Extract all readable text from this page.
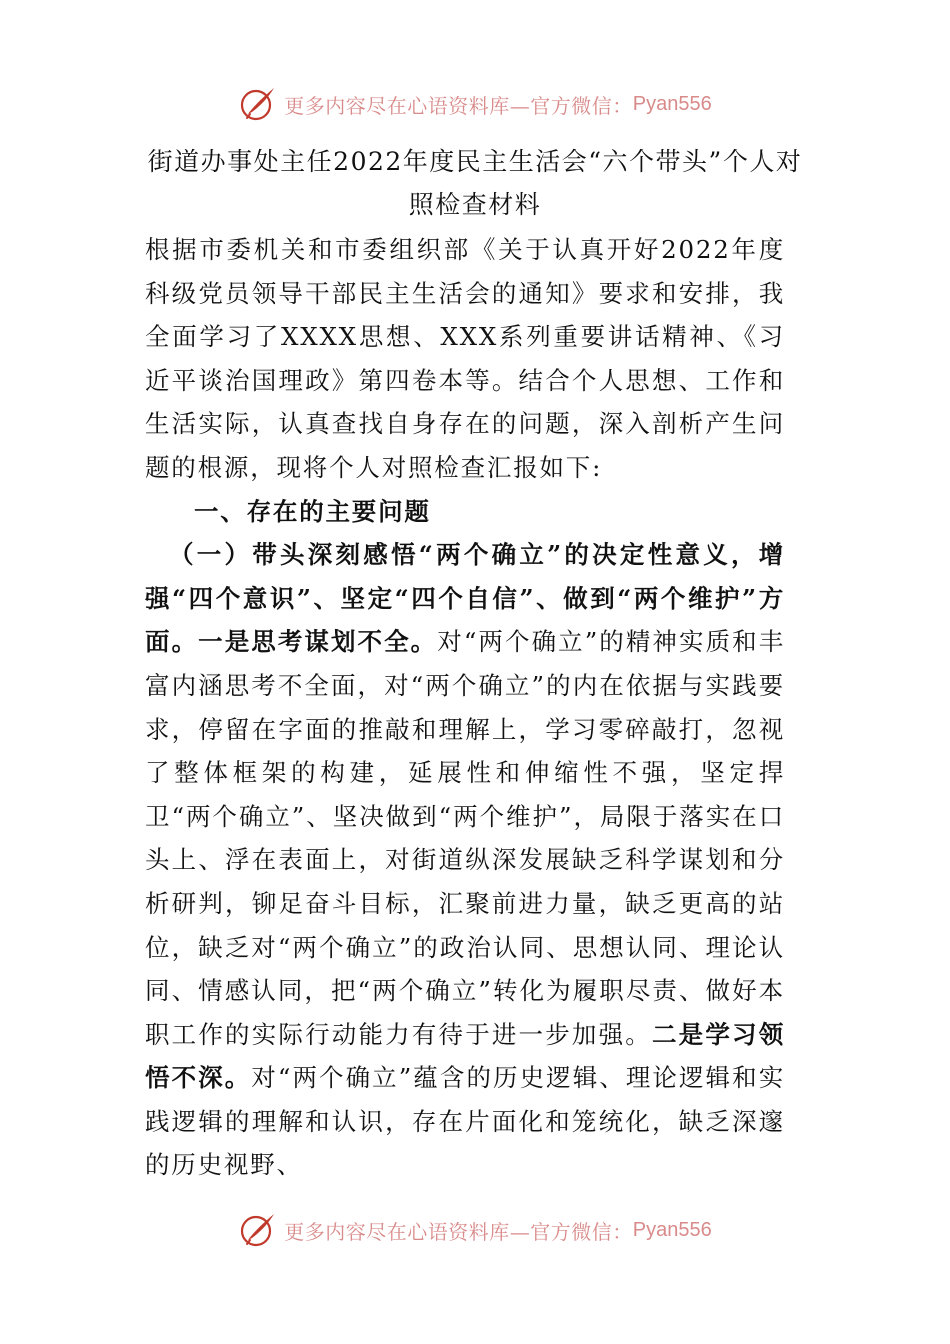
更多内容尽在心语资料库—官方微信： Pyan556
街道办事处主任2022年度民主生活会“六个带头”个人对照检查材料

根据市委机关和市委组织部《关于认真开好2022年度科级党员领导干部民主生活会的通知》要求和安排，我全面学习了XXXX思想、XXX系列重要讲话精神、《习近平谈治国理政》第四卷本等。结合个人思想、工作和生活实际，认真查找自身存在的问题，深入剖析产生问题的根源，现将个人对照检查汇报如下:

一、存在的主要问题

（一）带头深刻感悟“两个确立”的决定性意义，增强“四个意识”、坚定“四个自信”、做到“两个维护”方面。一是思考谋划不全。对“两个确立”的精神实质和丰富内涵思考不全面，对“两个确立”的内在依据与实践要求，停留在字面的推敲和理解上，学习零碎敲打，忽视了整体框架的构建，延展性和伸缩性不强，坚定捍卫“两个确立”、坚决做到“两个维护”，局限于落实在口头上、浮在表面上，对街道纵深发展缺乏科学谋划和分析研判，铆足奋斗目标，汇聚前进力量，缺乏更高的站位，缺乏对“两个确立”的政治认同、思想认同、理论认同、情感认同，把“两个确立”转化为履职尽责、做好本职工作的实际行动能力有待于进一步加强。二是学习领悟不深。对“两个确立”蕴含的历史逻辑、理论逻辑和实践逻辑的理解和认识，存在片面化和笼统化，缺乏深邃的历史视野、

更多内容尽在心语资料库—官方微信： Pyan556
